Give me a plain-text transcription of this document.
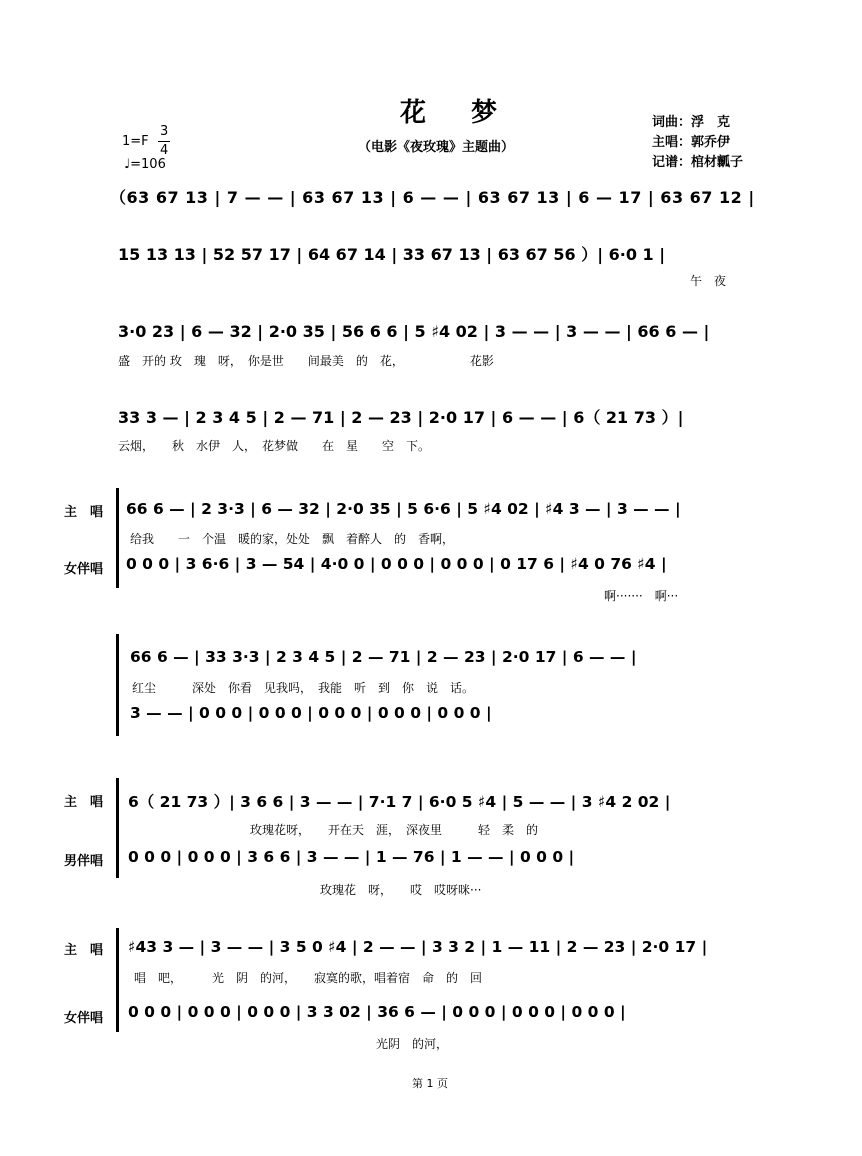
花 梦
（电影《夜玫瑰》主题曲）
词曲：浮　克
主唱：郭乔伊
记谱：棺材瓤子
1=F
3
4
♩=106
（63 67 13 | 7 — — | 63 67 13 | 6 — — | 63 67 13 | 6 — 17 | 63 67 12 |
15 13 13 | 52 57 17 | 64 67 14 | 33 67 13 | 63 67 56 ）| 6·0 1 |
午　夜
3·0 23 | 6 — 32 | 2·0 35 | 56 6 6 | 5 ♯4 02 | 3 — — | 3 — — | 66 6 — |
盛　开的 玫　瑰　呀，　你是世　　间最美　的　花，　　　　　　花影
33 3 — | 2 3 4 5 | 2 — 71 | 2 — 23 | 2·0 17 | 6 — — | 6（ 21 73 ）|
云烟，　　秋　水伊　人，　花梦做　　在　星　　空　下。
主　唱 66 6 — | 2 3·3 | 6 — 32 | 2·0 35 | 5 6·6 | 5 ♯4 02 | ♯4 3 — | 3 — — |
给我　　一　个温　暖的家，处处　飘　着醉人　的　香啊，
女伴唱 0 0 0 | 3 6·6 | 3 — 54 | 4·0 0 | 0 0 0 | 0 0 0 | 0 17 6 | ♯4 0 76 ♯4 |
啊·······　啊···
66 6 — | 33 3·3 | 2 3 4 5 | 2 — 71 | 2 — 23 | 2·0 17 | 6 — — |
红尘　　　深处　你看　见我吗，　我能　听　到　你　说　话。
3 — — | 0 0 0 | 0 0 0 | 0 0 0 | 0 0 0 | 0 0 0 |
主　唱 6（ 21 73 ）| 3 6 6 | 3 — — | 7·1 7 | 6·0 5 ♯4 | 5 — — | 3 ♯4 2 02 |
玫瑰花呀，　　开在天　涯，　深夜里　　　轻　柔　的
男伴唱 0 0 0 | 0 0 0 | 3 6 6 | 3 — — | 1 — 76 | 1 — — | 0 0 0 |
玫瑰花　呀，　　哎　哎呀咪···
主　唱 ♯43 3 — | 3 — — | 3 5 0 ♯4 | 2 — — | 3 3 2 | 1 — 11 | 2 — 23 | 2·0 17 |
唱　吧，　　　光　阴　的河，　　寂寞的歌，唱着宿　命　的　回
女伴唱 0 0 0 | 0 0 0 | 0 0 0 | 3 3 02 | 36 6 — | 0 0 0 | 0 0 0 | 0 0 0 |
光阴　的河，
第 1 页
